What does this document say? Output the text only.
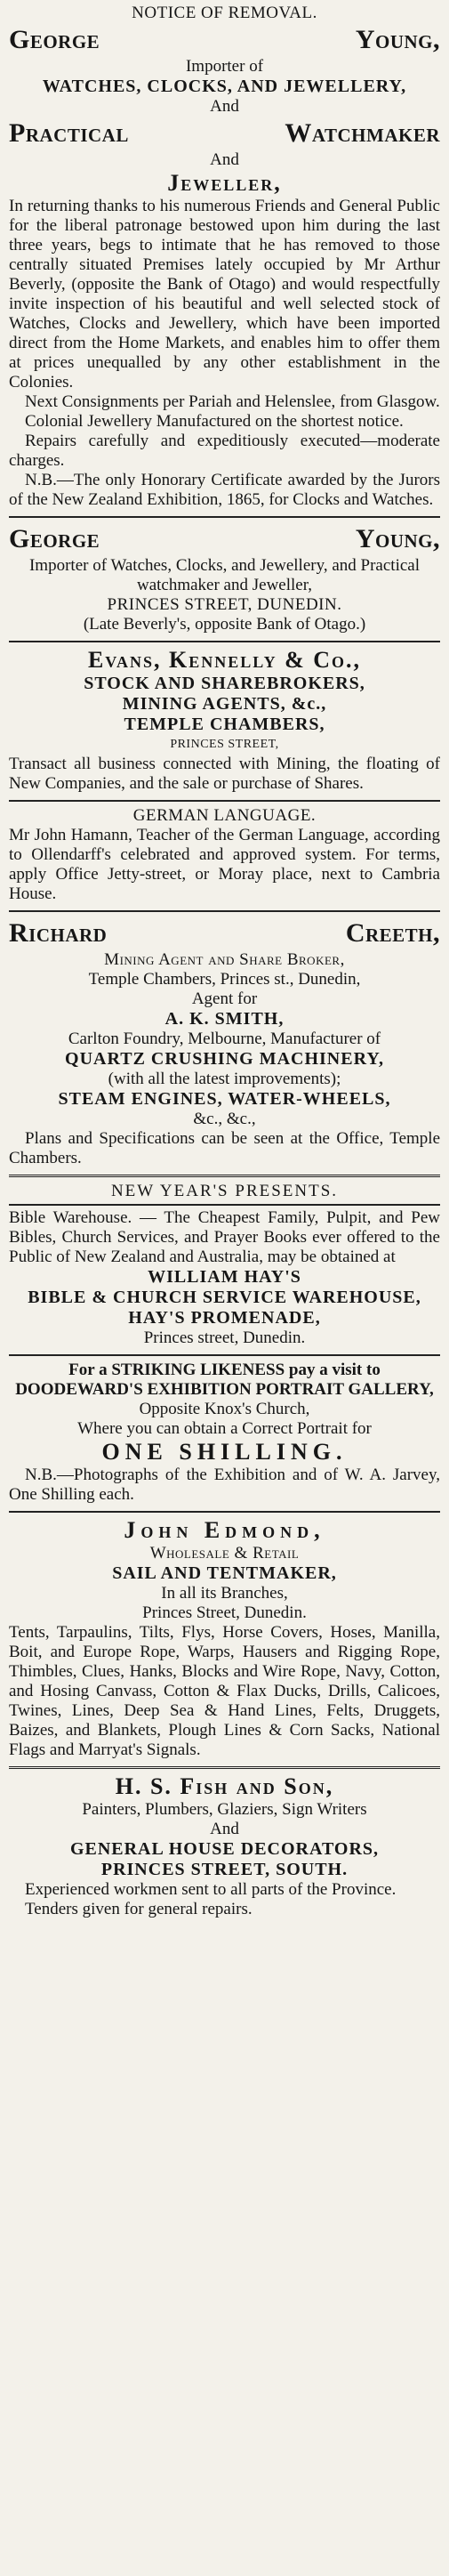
NOTICE OF REMOVAL.

George	Young,

Importer of

WATCHES, CLOCKS, AND JEWELLERY,

And

Practical	Watchmaker

And

Jeweller,

In returning thanks to his numerous Friends and General Public for the liberal patronage bestowed upon him during the last three years, begs to intimate that he has removed to those centrally situated Premises lately occupied by Mr Arthur Beverly, (opposite the Bank of Otago) and would respectfully invite inspection of his beautiful and well selected stock of Watches, Clocks and Jewellery, which have been imported direct from the Home Markets, and enables him to offer them at prices unequalled by any other establishment in the Colonies.

Next Consignments per Pariah and Helenslee, from Glasgow.

Colonial Jewellery Manufactured on the shortest notice.

Repairs carefully and expeditiously executed—moderate charges.

N.B.—The only Honorary Certificate awarded by the Jurors of the New Zealand Exhibition, 1865, for Clocks and Watches.

George	Young,

Importer of Watches, Clocks, and Jewellery, and Practical watchmaker and Jeweller,

PRINCES STREET, DUNEDIN.

(Late Beverly's, opposite Bank of Otago.)

Evans, Kennelly & Co.,

STOCK AND SHAREBROKERS,

MINING AGENTS, &c.,

TEMPLE CHAMBERS,

PRINCES STREET,

Transact all business connected with Mining, the floating of New Companies, and the sale or purchase of Shares.

GERMAN LANGUAGE.

Mr John Hamann, Teacher of the German Language, according to Ollendarff's celebrated and approved system. For terms, apply Office Jetty-street, or Moray place, next to Cambria House.

Richard	Creeth,

Mining Agent and Share Broker,

Temple Chambers, Princes st., Dunedin,

Agent for

A. K. SMITH,

Carlton Foundry, Melbourne, Manufacturer of

QUARTZ CRUSHING MACHINERY,

(with all the latest improvements);

STEAM ENGINES, WATER-WHEELS,

&c., &c.,

Plans and Specifications can be seen at the Office, Temple Chambers.

NEW YEAR'S PRESENTS.

Bible Warehouse. — The Cheapest Family, Pulpit, and Pew Bibles, Church Services, and Prayer Books ever offered to the Public of New Zealand and Australia, may be obtained at

WILLIAM HAY'S

BIBLE & CHURCH SERVICE WAREHOUSE,

HAY'S PROMENADE,

Princes street, Dunedin.

For a STRIKING LIKENESS pay a visit to DOODEWARD'S EXHIBITION PORTRAIT GALLERY,

Opposite Knox's Church,

Where you can obtain a Correct Portrait for

ONE SHILLING.

N.B.—Photographs of the Exhibition and of W. A. Jarvey, One Shilling each.

John Edmond,

Wholesale & Retail

SAIL AND TENTMAKER,

In all its Branches,

Princes Street, Dunedin.

Tents, Tarpaulins, Tilts, Flys, Horse Covers, Hoses, Manilla, Boit, and Europe Rope, Warps, Hausers and Rigging Rope, Thimbles, Clues, Hanks, Blocks and Wire Rope, Navy, Cotton, and Hosing Canvass, Cotton & Flax Ducks, Drills, Calicoes, Twines, Lines, Deep Sea & Hand Lines, Felts, Druggets, Baizes, and Blankets, Plough Lines & Corn Sacks, National Flags and Marryat's Signals.

H. S. Fish and Son,

Painters, Plumbers, Glaziers, Sign Writers

And

GENERAL HOUSE DECORATORS,

PRINCES STREET, SOUTH.

Experienced workmen sent to all parts of the Province.

Tenders given for general repairs.
